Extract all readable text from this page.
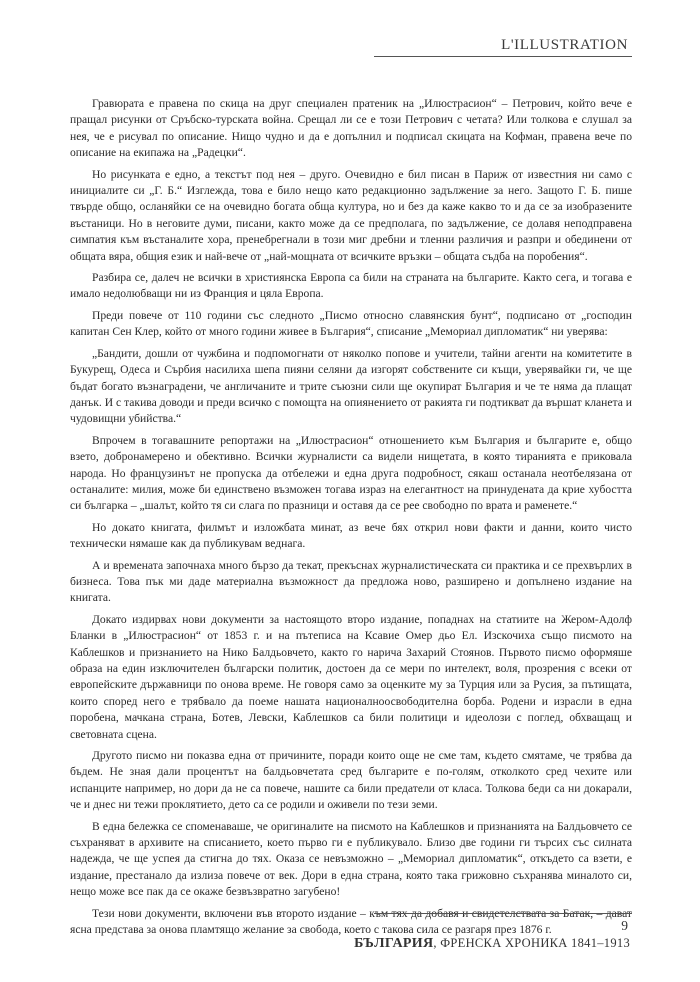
L'ILLUSTRATION

Гравюрата е правена по скица на друг специален пратеник на „Илюстрасион“ – Петрович, който вече е пращал рисунки от Сръбско-турската война. Срещал ли се е този Петрович с четата? Или толкова е слушал за нея, че е рисувал по описание. Нищо чудно и да е допълнил и подписал скицата на Кофман, правена вече по описание на екипажа на „Радецки“.

Но рисунката е едно, а текстът под нея – друго. Очевидно е бил писан в Париж от известния ни само с инициалите си „Г. Б.“ Изглежда, това е било нещо като редакционно задължение за него. Защото Г. Б. пише твърде общо, осланяйки се на очевидно богата обща култура, но и без да каже какво то и да се за изобразените въстаници. Но в неговите думи, писани, както може да се предполага, по задължение, се долавя неподправена симпатия към въстаналите хора, пренебрегнали в този миг дребни и тленни различия и разпри и обединени от общата вяра, общия език и най-вече от „най-мощната от всичките връзки – общата съдба на поробения“.

Разбира се, далеч не всички в християнска Европа са били на страната на българите. Както сега, и тогава е имало недолюбващи ни из Франция и цяла Европа.

Преди повече от 110 години със следното „Писмо относно славянския бунт“, подписано от „господин капитан Сен Клер, който от много години живее в България“, списание „Мемориал дипломатик“ ни уверява:

„Бандити, дошли от чужбина и подпомогнати от няколко попове и учители, тайни агенти на комитетите в Букурещ, Одеса и Сърбия насилиха шепа пияни селяни да изгорят собствените си къщи, уверявайки ги, че ще бъдат богато възнаградени, че англичаните и трите съюзни сили ще окупират България и че те няма да плащат данък. И с такива доводи и преди всичко с помощта на опиянението от ракията ги подтикват да вършат кланета и чудовищни убийства.“

Впрочем в тогавашните репортажи на „Илюстрасион“ отношението към България и българите е, общо взето, добронамерено и обективно. Всички журналисти са видели нищетата, в която тиранията е приковала народа. Но французинът не пропуска да отбележи и една друга подробност, сякаш останала неотбелязана от останалите: милия, може би единствено възможен тогава израз на елегантност на принудената да крие хубостта си българка – „шалът, който тя си слага по празници и оставя да се рее свободно по врата и раменете.“

Но докато книгата, филмът и изложбата минат, аз вече бях открил нови факти и данни, които чисто технически нямаше как да публикувам веднага.

А и времената започнаха много бързо да текат, прекъснах журналистическата си практика и се прехвърлих в бизнеса. Това пък ми даде материална възможност да предложа ново, разширено и допълнено издание на книгата.

Докато издирвах нови документи за настоящото второ издание, попаднах на статиите на Жером-Адолф Бланки в „Илюстрасион“ от 1853 г. и на пътеписа на Ксавие Омер дьо Ел. Изскочиха също писмото на Каблешков и признанието на Нико Балдьовчето, както го нарича Захарий Стоянов. Първото писмо оформяше образа на един изключителен български политик, достоен да се мери по интелект, воля, прозрения с всеки от европейските държавници по онова време. Не говоря само за оценките му за Турция или за Русия, за пътищата, които според него е трябвало да поеме нашата националноосвободителна борба. Родени и израсли в една поробена, мачкана страна, Ботев, Левски, Каблешков са били политици и идеолози с поглед, обхващащ и световната сцена.

Другото писмо ни показва една от причините, поради които още не сме там, където смятаме, че трябва да бъдем. Не зная дали процентът на балдьовчетата сред българите е по-голям, отколкото сред чехите или испанците например, но дори да не са повече, нашите са били предатели от класа. Толкова беди са ни докарали, че и днес ни тежи проклятието, дето са се родили и оживели по тези земи.

В една бележка се споменаваше, че оригиналите на писмото на Каблешков и признанията на Балдьовчето се съхраняват в архивите на списанието, което първо ги е публикувало. Близо две години ги търсих със силната надежда, че ще успея да стигна до тях. Оказа се невъзможно – „Мемориал дипломатик“, откъдето са взети, е издание, престанало да излиза повече от век. Дори в една страна, която така грижовно съхранява миналото си, нещо може все пак да се окаже безвъзвратно загубено!

Тези нови документи, включени във второто издание – към тях да добавя и свидетелствата за Батак, – дават ясна представа за онова пламтящо желание за свобода, което с такова сила се разгаря през 1876 г.	9
БЪЛГАРИЯ, ФРЕНСКА ХРОНИКА 1841–1913
